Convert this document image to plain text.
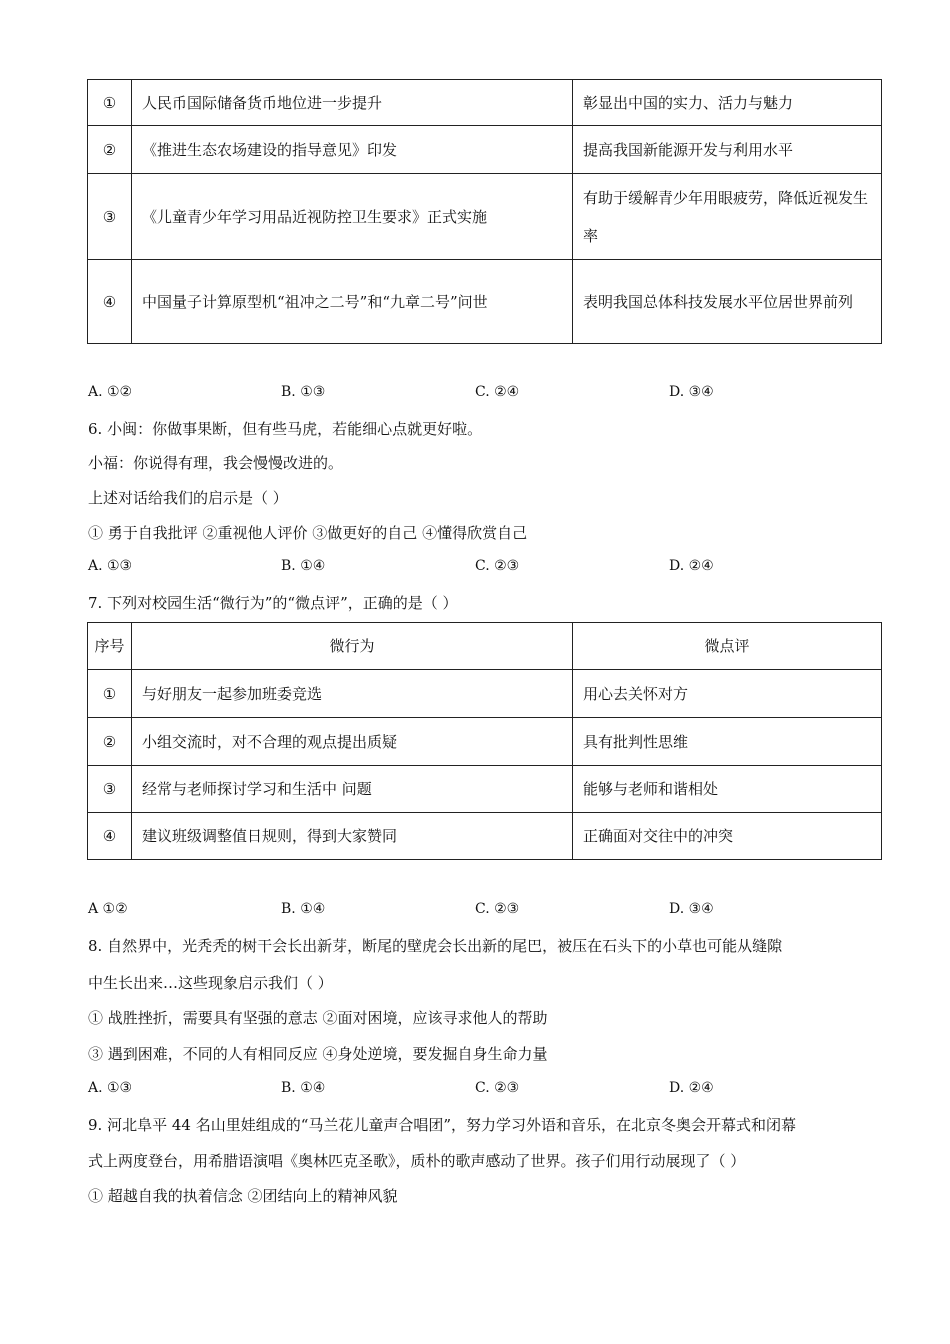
①	人民币国际储备货币地位进一步提升	彰显出中国的实力、活力与魅力
②	《推进生态农场建设的指导意见》印发	提高我国新能源开发与利用水平
③	《儿童青少年学习用品近视防控卫生要求》正式实施	有助于缓解青少年用眼疲劳，降低近视发生率
④	中国量子计算原型机“祖冲之二号”和“九章二号”问世	表明我国总体科技发展水平位居世界前列
A. ①②	B. ①③	C. ②④	D. ③④
6. 小闽：你做事果断，但有些马虎，若能细心点就更好啦。
小福：你说得有理，我会慢慢改进的。
上述对话给我们的启示是（ ）
① 勇于自我批评 ②重视他人评价 ③做更好的自己 ④懂得欣赏自己
A. ①③	B. ①④	C. ②③	D. ②④
7. 下列对校园生活“微行为”的“微点评”，正确的是（ ）
序号	微行为	微点评
①	与好朋友一起参加班委竞选	用心去关怀对方
②	小组交流时，对不合理的观点提出质疑	具有批判性思维
③	经常与老师探讨学习和生活中 问题	能够与老师和谐相处
④	建议班级调整值日规则，得到大家赞同	正确面对交往中的冲突
A ①②	B. ①④	C. ②③	D. ③④
8. 自然界中，光秃秃的树干会长出新芽，断尾的壁虎会长出新的尾巴，被压在石头下的小草也可能从缝隙
中生长出来…这些现象启示我们（ ）
① 战胜挫折，需要具有坚强的意志 ②面对困境，应该寻求他人的帮助
③ 遇到困难，不同的人有相同反应 ④身处逆境，要发掘自身生命力量
A. ①③	B. ①④	C. ②③	D. ②④
9. 河北阜平 44 名山里娃组成的“马兰花儿童声合唱团”，努力学习外语和音乐，在北京冬奥会开幕式和闭幕
式上两度登台，用希腊语演唱《奥林匹克圣歌》，质朴的歌声感动了世界。孩子们用行动展现了（ ）
① 超越自我的执着信念 ②团结向上的精神风貌
